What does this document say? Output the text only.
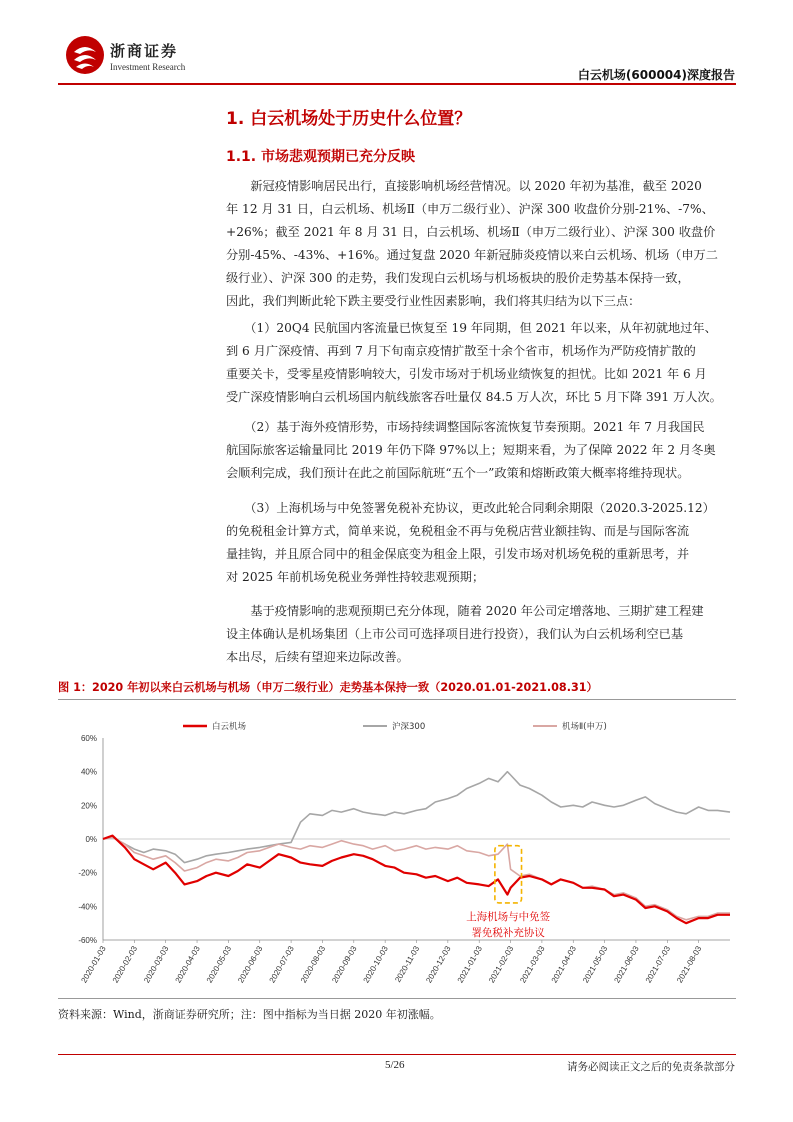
浙商证券
Investment Research
白云机场(600004)深度报告
1. 白云机场处于历史什么位置？
1.1. 市场悲观预期已充分反映
　　新冠疫情影响居民出行，直接影响机场经营情况。以 2020 年初为基准，截至 2020
年 12 月 31 日，白云机场、机场Ⅱ（申万二级行业）、沪深 300 收盘价分别-21%、-7%、
+26%；截至 2021 年 8 月 31 日，白云机场、机场Ⅱ（申万二级行业）、沪深 300 收盘价
分别-45%、-43%、+16%。通过复盘 2020 年新冠肺炎疫情以来白云机场、机场（申万二
级行业）、沪深 300 的走势，我们发现白云机场与机场板块的股价走势基本保持一致，
因此，我们判断此轮下跌主要受行业性因素影响，我们将其归结为以下三点：
　　（1）20Q4 民航国内客流量已恢复至 19 年同期，但 2021 年以来，从年初就地过年、
到 6 月广深疫情、再到 7 月下旬南京疫情扩散至十余个省市，机场作为严防疫情扩散的
重要关卡，受零星疫情影响较大，引发市场对于机场业绩恢复的担忧。比如 2021 年 6 月
受广深疫情影响白云机场国内航线旅客吞吐量仅 84.5 万人次，环比 5 月下降 391 万人次。
　　（2）基于海外疫情形势，市场持续调整国际客流恢复节奏预期。2021 年 7 月我国民
航国际旅客运输量同比 2019 年仍下降 97%以上；短期来看，为了保障 2022 年 2 月冬奥
会顺利完成，我们预计在此之前国际航班“五个一”政策和熔断政策大概率将维持现状。
　　（3）上海机场与中免签署免税补充协议，更改此轮合同剩余期限（2020.3-2025.12）
的免税租金计算方式，简单来说，免税租金不再与免税店营业额挂钩、而是与国际客流
量挂钩，并且原合同中的租金保底变为租金上限，引发市场对机场免税的重新思考，并
对 2025 年前机场免税业务弹性持较悲观预期；
　　基于疫情影响的悲观预期已充分体现，随着 2020 年公司定增落地、三期扩建工程建
设主体确认是机场集团（上市公司可选择项目进行投资），我们认为白云机场利空已基
本出尽，后续有望迎来边际改善。
图 1：2020 年初以来白云机场与机场（申万二级行业）走势基本保持一致（2020.01.01-2021.08.31）
-60%
-40%
-20%
0%
20%
40%
60%
2020-01-03 2020-02-03 2020-03-03 2020-04-03 2020-05-03 2020-06-03 2020-07-03 2020-08-03 2020-09-03 2020-10-03 2020-11-03 2020-12-03 2021-01-03 2021-02-03 2021-03-03 2021-04-03 2021-05-03 2021-06-03 2021-07-03 2021-08-03
白云机场	沪深300	机场Ⅱ(申万)
上海机场与中免签
署免税补充协议
资料来源：Wind，浙商证券研究所；注：图中指标为当日据 2020 年初涨幅。
5/26	请务必阅读正文之后的免责条款部分
